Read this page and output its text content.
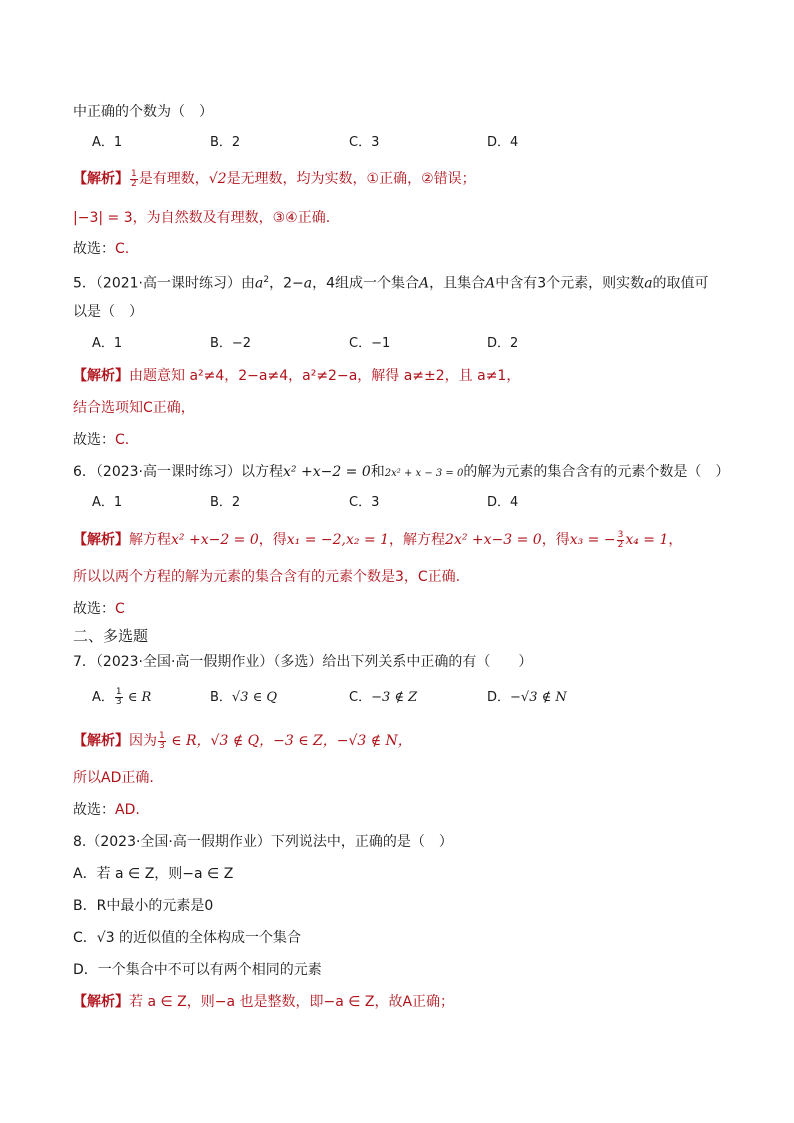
中正确的个数为（　）
A．1	B．2	C．3	D．4
【解析】 $\frac{1}{2}$ 是有理数，√2是无理数，均为实数，①正确，②错误；
|−3| = 3，为自然数及有理数，③④正确.
故选：C.
5．（2021·高一课时练习）由$a^2$，2−a，4组成一个集合A，且集合A中含有3个元素，则实数a的取值可
以是（　）
A．1	B．−2	C．−1	D．2
【解析】由题意知 a²≠4，2−a≠4，a²≠2−a，解得 a≠±2，且 a≠1，
结合选项知C正确，
故选：C.
6．（2023·高一课时练习）以方程x² +x−2 = 0和2x² + x − 3 = 0的解为元素的集合含有的元素个数是（　）
A．1	B．2	C．3	D．4
【解析】解方程x² +x−2 = 0，得x₁ = −2,x₂ = 1，解方程2x² +x−3 = 0，得x₃ = − $\frac{3}{2} x_4 = 1$，
所以以两个方程的解为元素的集合含有的元素个数是3，C正确.
故选：C
二、多选题
7．（2023·全国·高一假期作业）（多选）给出下列关系中正确的有（　　）
A． $\frac{1}{3}$ ∈ R	B．√3 ∈ Q	C．−3 ∉ Z	D．−√3 ∉ N
【解析】因为 $\frac{1}{3}$ ∈ R，√3 ∉ Q，−3 ∈ Z，−√3 ∉ N，
所以AD正确.
故选：AD.
8.（2023·全国·高一假期作业）下列说法中，正确的是（　）
A．若 a ∈ Z，则−a ∈ Z
B．R中最小的元素是0
C．√3 的近似值的全体构成一个集合
D．一个集合中不可以有两个相同的元素
【解析】若 a ∈ Z，则−a 也是整数，即−a ∈ Z，故A正确；
